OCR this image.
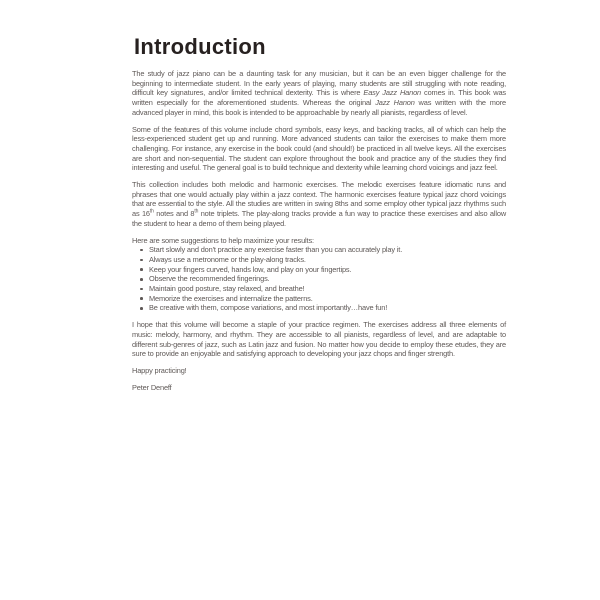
Introduction

The study of jazz piano can be a daunting task for any musician, but it can be an even bigger challenge for the beginning to intermediate student. In the early years of playing, many students are still struggling with note reading, difficult key signatures, and/or limited technical dexterity. This is where Easy Jazz Hanon comes in. This book was written especially for the aforementioned students. Whereas the original Jazz Hanon was written with the more advanced player in mind, this book is intended to be approachable by nearly all pianists, regardless of level.

Some of the features of this volume include chord symbols, easy keys, and backing tracks, all of which can help the less-experienced student get up and running. More advanced students can tailor the exercises to make them more challenging. For instance, any exercise in the book could (and should!) be practiced in all twelve keys. All the exercises are short and non-sequential. The student can explore throughout the book and practice any of the studies they find interesting and useful. The general goal is to build technique and dexterity while learning chord voicings and jazz feel.

This collection includes both melodic and harmonic exercises. The melodic exercises feature idiomatic runs and phrases that one would actually play within a jazz context. The harmonic exercises feature typical jazz chord voicings that are essential to the style. All the studies are written in swing 8ths and some employ other typical jazz rhythms such as 16th notes and 8th note triplets. The play-along tracks provide a fun way to practice these exercises and also allow the student to hear a demo of them being played.

Here are some suggestions to help maximize your results:

Start slowly and don't practice any exercise faster than you can accurately play it.
Always use a metronome or the play-along tracks.
Keep your fingers curved, hands low, and play on your fingertips.
Observe the recommended fingerings.
Maintain good posture, stay relaxed, and breathe!
Memorize the exercises and internalize the patterns.
Be creative with them, compose variations, and most importantly…have fun!

I hope that this volume will become a staple of your practice regimen. The exercises address all three elements of music: melody, harmony, and rhythm. They are accessible to all pianists, regardless of level, and are adaptable to different sub-genres of jazz, such as Latin jazz and fusion. No matter how you decide to employ these etudes, they are sure to provide an enjoyable and satisfying approach to developing your jazz chops and finger strength.

Happy practicing!

Peter Deneff
